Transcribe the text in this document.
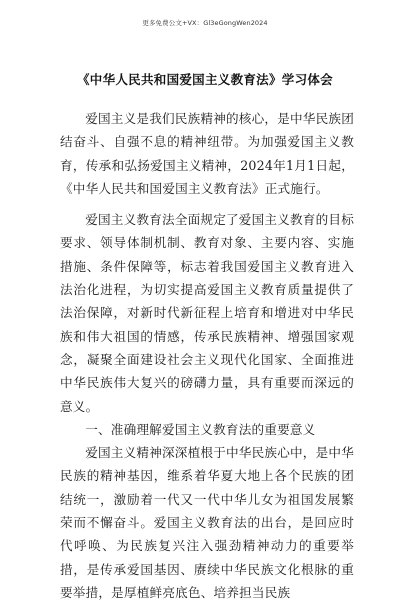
更多免费公文+VX：Gl3eGongWen2024
《中华人民共和国爱国主义教育法》学习体会

爱国主义是我们民族精神的核心，是中华民族团结奋斗、自强不息的精神纽带。为加强爱国主义教育，传承和弘扬爱国主义精神，2024年1月1日起，《中华人民共和国爱国主义教育法》正式施行。

爱国主义教育法全面规定了爱国主义教育的目标要求、领导体制机制、教育对象、主要内容、实施措施、条件保障等，标志着我国爱国主义教育进入法治化进程，为切实提高爱国主义教育质量提供了法治保障，对新时代新征程上培育和增进对中华民族和伟大祖国的情感，传承民族精神、增强国家观念，凝聚全面建设社会主义现代化国家、全面推进中华民族伟大复兴的磅礴力量，具有重要而深远的意义。

一、准确理解爱国主义教育法的重要意义

爱国主义精神深深植根于中华民族心中，是中华民族的精神基因，维系着华夏大地上各个民族的团结统一，激励着一代又一代中华儿女为祖国发展繁荣而不懈奋斗。爱国主义教育法的出台，是回应时代呼唤、为民族复兴注入强劲精神动力的重要举措，是传承爱国基因、赓续中华民族文化根脉的重要举措，是厚植鲜亮底色、培养担当民族
